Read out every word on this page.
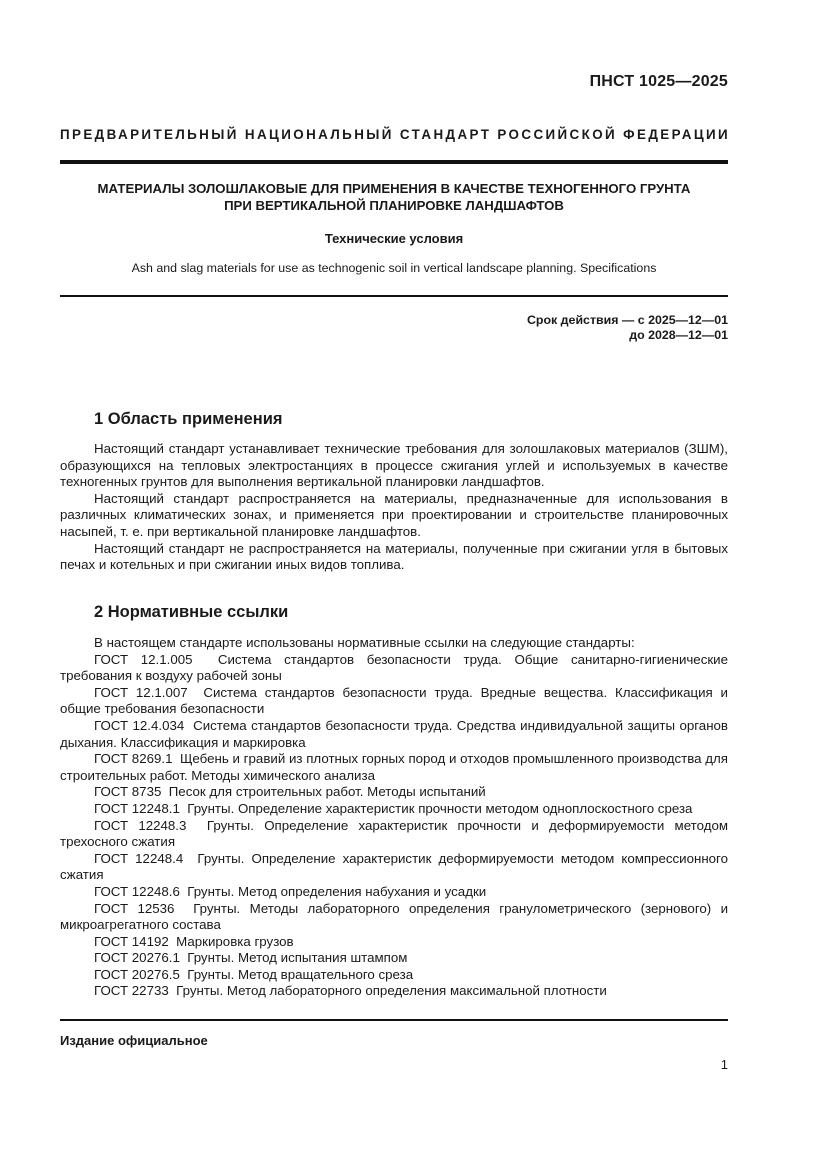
ПНСТ 1025—2025
ПРЕДВАРИТЕЛЬНЫЙ НАЦИОНАЛЬНЫЙ СТАНДАРТ РОССИЙСКОЙ ФЕДЕРАЦИИ
МАТЕРИАЛЫ ЗОЛОШЛАКОВЫЕ ДЛЯ ПРИМЕНЕНИЯ В КАЧЕСТВЕ ТЕХНОГЕННОГО ГРУНТА
ПРИ ВЕРТИКАЛЬНОЙ ПЛАНИРОВКЕ ЛАНДШАФТОВ
Технические условия
Ash and slag materials for use as technogenic soil in vertical landscape planning. Specifications
Срок действия — с 2025—12—01
до 2028—12—01
1 Область применения

Настоящий стандарт устанавливает технические требования для золошлаковых материалов (ЗШМ), образующихся на тепловых электростанциях в процессе сжигания углей и используемых в качестве техногенных грунтов для выполнения вертикальной планировки ландшафтов.

Настоящий стандарт распространяется на материалы, предназначенные для использования в различных климатических зонах, и применяется при проектировании и строительстве планировочных насыпей, т. е. при вертикальной планировке ландшафтов.

Настоящий стандарт не распространяется на материалы, полученные при сжигании угля в бытовых печах и котельных и при сжигании иных видов топлива.

2 Нормативные ссылки

В настоящем стандарте использованы нормативные ссылки на следующие стандарты:

ГОСТ 12.1.005 Система стандартов безопасности труда. Общие санитарно-гигиенические требования к воздуху рабочей зоны

ГОСТ 12.1.007 Система стандартов безопасности труда. Вредные вещества. Классификация и общие требования безопасности

ГОСТ 12.4.034 Система стандартов безопасности труда. Средства индивидуальной защиты органов дыхания. Классификация и маркировка

ГОСТ 8269.1 Щебень и гравий из плотных горных пород и отходов промышленного производства для строительных работ. Методы химического анализа

ГОСТ 8735 Песок для строительных работ. Методы испытаний

ГОСТ 12248.1 Грунты. Определение характеристик прочности методом одноплоскостного среза

ГОСТ 12248.3 Грунты. Определение характеристик прочности и деформируемости методом трехосного сжатия

ГОСТ 12248.4 Грунты. Определение характеристик деформируемости методом компрессионного сжатия

ГОСТ 12248.6 Грунты. Метод определения набухания и усадки

ГОСТ 12536 Грунты. Методы лабораторного определения гранулометрического (зернового) и микроагрегатного состава

ГОСТ 14192 Маркировка грузов

ГОСТ 20276.1 Грунты. Метод испытания штампом

ГОСТ 20276.5 Грунты. Метод вращательного среза

ГОСТ 22733 Грунты. Метод лабораторного определения максимальной плотности

Издание официальное
1
